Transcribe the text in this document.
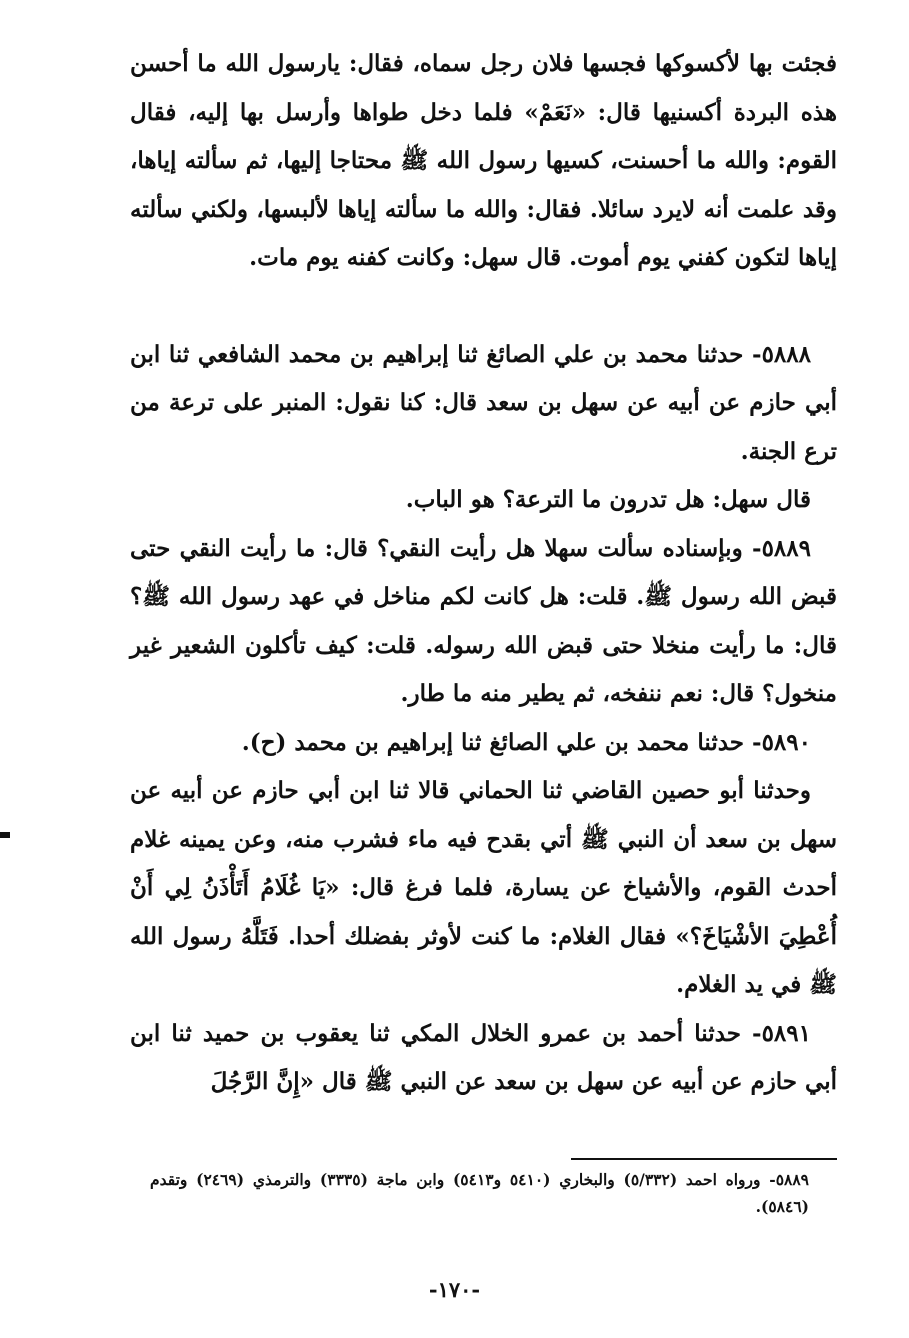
فجئت بها لأكسوكها فجسها فلان رجل سماه، فقال: يارسول الله ما أحسن هذه البردة أكسنيها قال: «نَعَمْ» فلما دخل طواها وأرسل بها إليه، فقال القوم: والله ما أحسنت، كسيها رسول الله ﷺ محتاجا إليها، ثم سألته إياها، وقد علمت أنه لايرد سائلا. فقال: والله ما سألته إياها لألبسها، ولكني سألته إياها لتكون كفني يوم أموت. قال سهل: وكانت كفنه يوم مات.

٥٨٨٨- حدثنا محمد بن علي الصائغ ثنا إبراهيم بن محمد الشافعي ثنا ابن أبي حازم عن أبيه عن سهل بن سعد قال: كنا نقول: المنبر على ترعة من ترع الجنة.

قال سهل: هل تدرون ما الترعة؟ هو الباب.

٥٨٨٩- وبإسناده سألت سهلا هل رأيت النقي؟ قال: ما رأيت النقي حتى قبض الله رسول ﷺ. قلت: هل كانت لكم مناخل في عهد رسول الله ﷺ؟ قال: ما رأيت منخلا حتى قبض الله رسوله. قلت: كيف تأكلون الشعير غير منخول؟ قال: نعم ننفخه، ثم يطير منه ما طار.

٥٨٩٠- حدثنا محمد بن علي الصائغ ثنا إبراهيم بن محمد (ح).

وحدثنا أبو حصين القاضي ثنا الحماني قالا ثنا ابن أبي حازم عن أبيه عن سهل بن سعد أن النبي ﷺ أتي بقدح فيه ماء فشرب منه، وعن يمينه غلام أحدث القوم، والأشياخ عن يسارة، فلما فرغ قال: «يَا غُلَامُ أَتَأْذَنُ لِي أَنْ أُعْطِيَ الأشْيَاخَ؟» فقال الغلام: ما كنت لأوثر بفضلك أحدا. فَتَلَّهُ رسول الله ﷺ في يد الغلام.

٥٨٩١- حدثنا أحمد بن عمرو الخلال المكي ثنا يعقوب بن حميد ثنا ابن أبي حازم عن أبيه عن سهل بن سعد عن النبي ﷺ قال «إِنَّ الرَّجُلَ

٥٨٨٩- ورواه احمد (٥/٣٣٢) والبخاري (٥٤١٠ و٥٤١٣) وابن ماجة (٣٣٣٥) والترمذي (٢٤٦٩) وتقدم (٥٨٤٦).
-١٧٠-
